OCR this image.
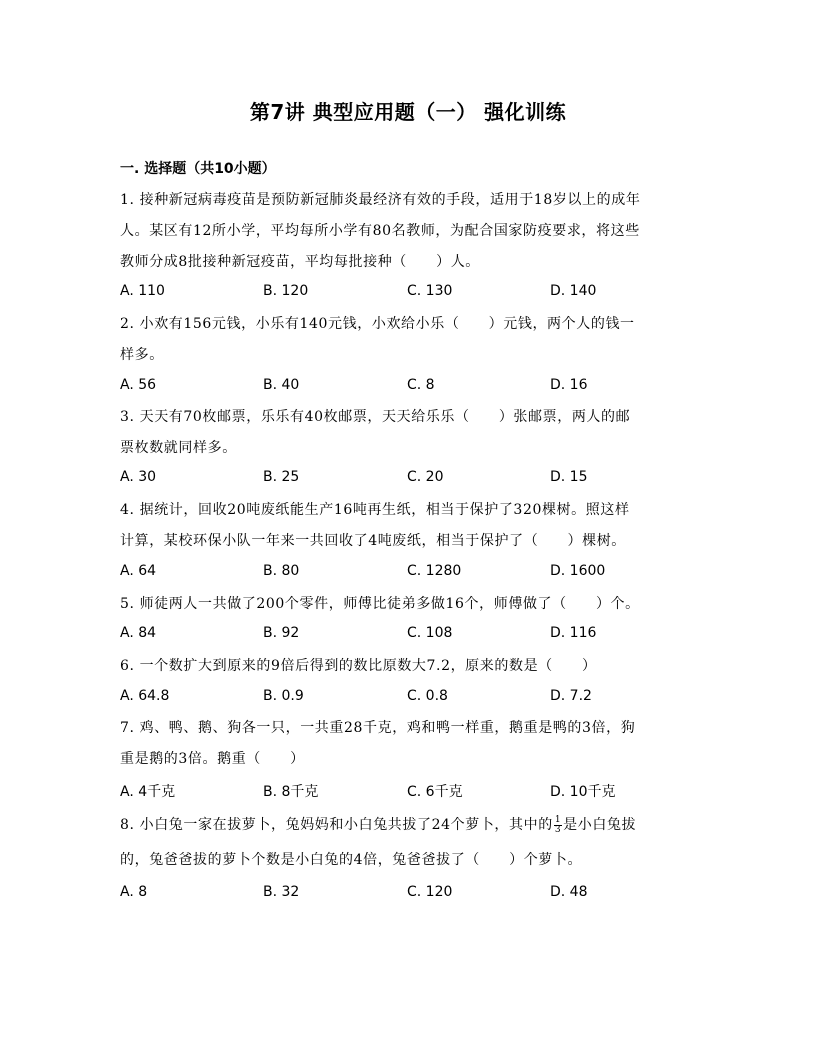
第7讲 典型应用题（一） 强化训练
一. 选择题（共10小题）
1. 接种新冠病毒疫苗是预防新冠肺炎最经济有效的手段，适用于18岁以上的成年
人。某区有12所小学，平均每所小学有80名教师，为配合国家防疫要求，将这些
教师分成8批接种新冠疫苗，平均每批接种（　　）人。
A. 110	B. 120	C. 130	D. 140
2. 小欢有156元钱，小乐有140元钱，小欢给小乐（　　）元钱，两个人的钱一
样多。
A. 56	B. 40	C. 8	D. 16
3. 天天有70枚邮票，乐乐有40枚邮票，天天给乐乐（　　）张邮票，两人的邮
票枚数就同样多。
A. 30	B. 25	C. 20	D. 15
4. 据统计，回收20吨废纸能生产16吨再生纸，相当于保护了320棵树。照这样
计算，某校环保小队一年来一共回收了4吨废纸，相当于保护了（　　）棵树。
A. 64	B. 80	C. 1280	D. 1600
5. 师徒两人一共做了200个零件，师傅比徒弟多做16个，师傅做了（　　）个。
A. 84	B. 92	C. 108	D. 116
6. 一个数扩大到原来的9倍后得到的数比原数大7.2，原来的数是（　　）
A. 64.8	B. 0.9	C. 0.8	D. 7.2
7. 鸡、鸭、鹅、狗各一只，一共重28千克，鸡和鸭一样重，鹅重是鸭的3倍，狗
重是鹅的3倍。鹅重（　　）
A. 4千克	B. 8千克	C. 6千克	D. 10千克
8. 小白兔一家在拔萝卜，兔妈妈和小白兔共拔了24个萝卜，其中的 $\frac{1}{3}$ 是小白兔拔
的，兔爸爸拔的萝卜个数是小白兔的4倍，兔爸爸拔了（　　）个萝卜。
A. 8	B. 32	C. 120	D. 48
